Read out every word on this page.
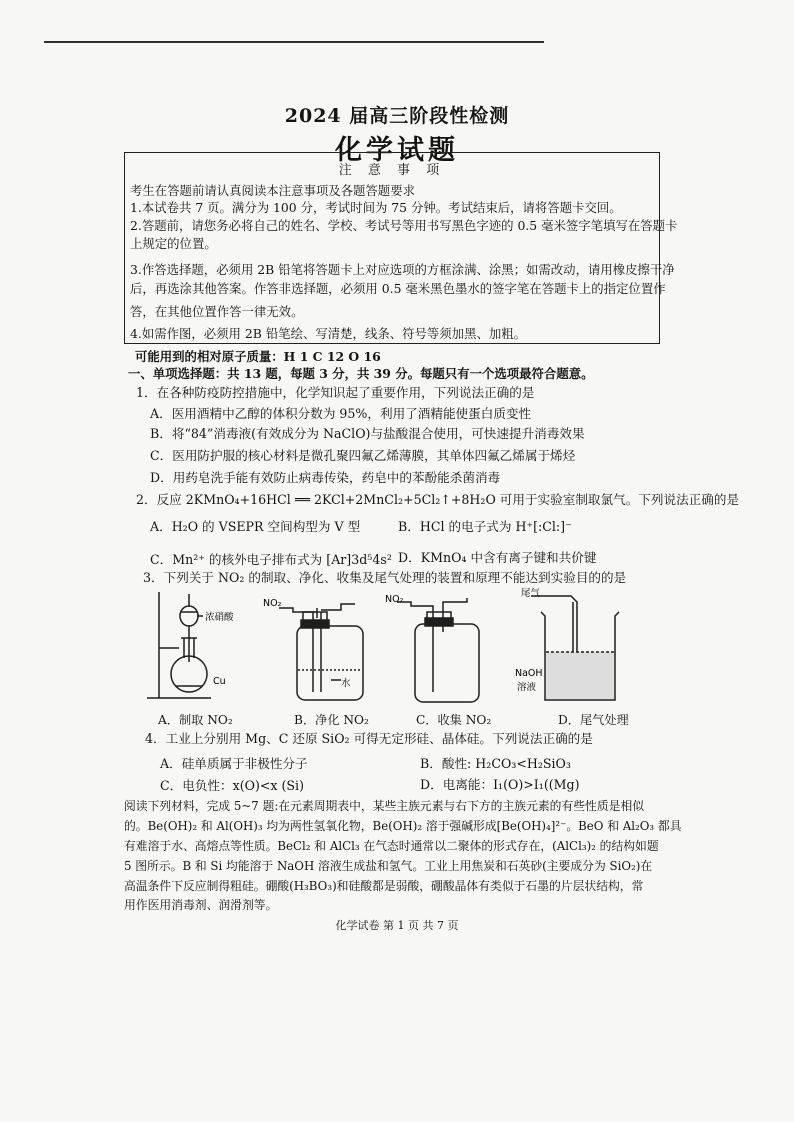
2024 届高三阶段性检测
化学试题
注 意 事 项
考生在答题前请认真阅读本注意事项及各题答题要求
1.本试卷共 7 页。满分为 100 分，考试时间为 75 分钟。考试结束后，请将答题卡交回。
2.答题前，请您务必将自己的姓名、学校、考试号等用书写黑色字迹的 0.5 毫米签字笔填写在答题卡
上规定的位置。
3.作答选择题，必须用 2B 铅笔将答题卡上对应选项的方框涂满、涂黑；如需改动，请用橡皮擦干净
后，再选涂其他答案。作答非选择题，必须用 0.5 毫米黑色墨水的签字笔在答题卡上的指定位置作
答，在其他位置作答一律无效。
4.如需作图，必须用 2B 铅笔绘、写清楚，线条、符号等须加黑、加粗。
可能用到的相对原子质量：H 1 C 12 O 16
一、单项选择题：共 13 题，每题 3 分，共 39 分。每题只有一个选项最符合题意。
1．在各种防疫防控措施中，化学知识起了重要作用，下列说法正确的是
A．医用酒精中乙醇的体积分数为 95%，利用了酒精能使蛋白质变性
B．将“84”消毒液(有效成分为 NaClO)与盐酸混合使用，可快速提升消毒效果
C．医用防护服的核心材料是微孔聚四氟乙烯薄膜，其单体四氟乙烯属于烯烃
D．用药皂洗手能有效防止病毒传染，药皂中的苯酚能杀菌消毒
2．反应 2KMnO₄+16HCl ══ 2KCl+2MnCl₂+5Cl₂↑+8H₂O 可用于实验室制取氯气。下列说法正确的是
A．H₂O 的 VSEPR 空间构型为 V 型	B．HCl 的电子式为 H⁺[:Cl:]⁻
C．Mn²⁺ 的核外电子排布式为 [Ar]3d⁵4s² D．KMnO₄ 中含有离子键和共价键
3．下列关于 NO₂ 的制取、净化、收集及尾气处理的装置和原理不能达到实验目的的是
浓硝酸
Cu
NO₂
水
NO₂
尾气
NaOH
溶液
A．制取 NO₂	B．净化 NO₂	C．收集 NO₂	D．尾气处理
4．工业上分别用 Mg、C 还原 SiO₂ 可得无定形硅、晶体硅。下列说法正确的是
A．硅单质属于非极性分子	B．酸性: H₂CO₃<H₂SiO₃
C．电负性：x(O)<x (Si)	D．电离能：I₁(O)>I₁((Mg)
阅读下列材料，完成 5~7 题:在元素周期表中，某些主族元素与右下方的主族元素的有些性质是相似
的。Be(OH)₂ 和 Al(OH)₃ 均为两性氢氧化物，Be(OH)₂ 溶于强碱形成[Be(OH)₄]²⁻。BeO 和 Al₂O₃ 都具
有难溶于水、高熔点等性质。BeCl₂ 和 AlCl₃ 在气态时通常以二聚体的形式存在，(AlCl₃)₂ 的结构如题
5 图所示。B 和 Si 均能溶于 NaOH 溶液生成盐和氢气。工业上用焦炭和石英砂(主要成分为 SiO₂)在
高温条件下反应制得粗硅。硼酸(H₃BO₃)和硅酸都是弱酸，硼酸晶体有类似于石墨的片层状结构，常
用作医用消毒剂、润滑剂等。
化学试卷 第 1 页 共 7 页
